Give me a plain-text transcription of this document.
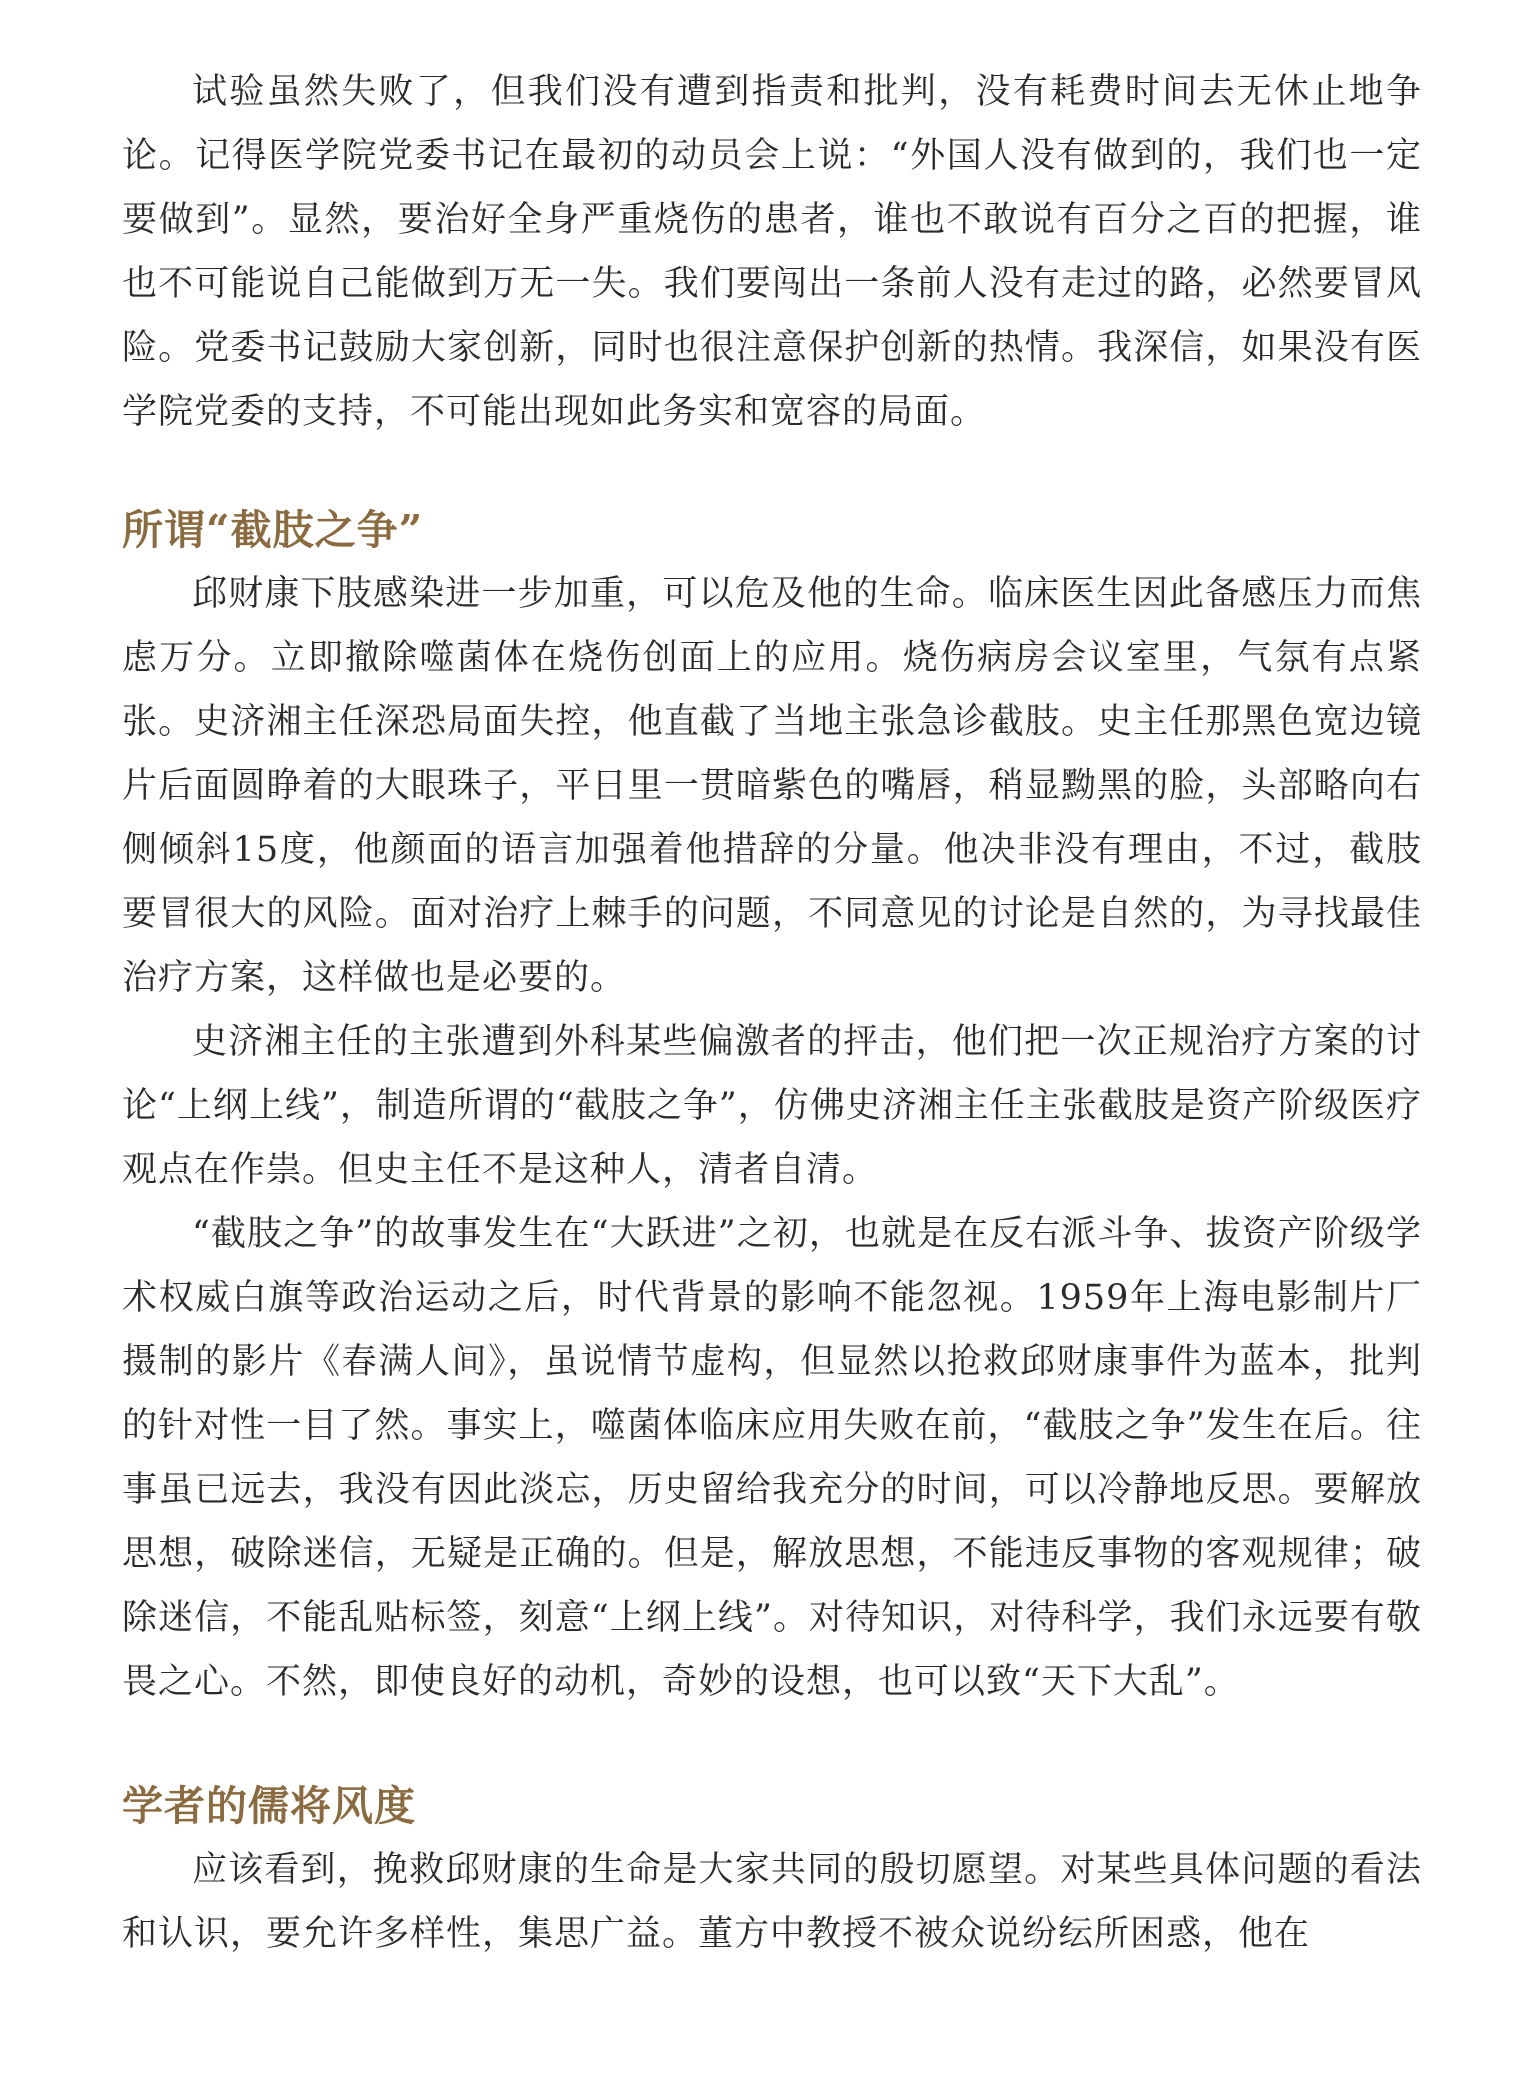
试验虽然失败了，但我们没有遭到指责和批判，没有耗费时间去无休止地争论。记得医学院党委书记在最初的动员会上说：“外国人没有做到的，我们也一定要做到”。显然，要治好全身严重烧伤的患者，谁也不敢说有百分之百的把握，谁也不可能说自己能做到万无一失。我们要闯出一条前人没有走过的路，必然要冒风险。党委书记鼓励大家创新，同时也很注意保护创新的热情。我深信，如果没有医学院党委的支持，不可能出现如此务实和宽容的局面。

所谓“截肢之争”

邱财康下肢感染进一步加重，可以危及他的生命。临床医生因此备感压力而焦虑万分。立即撤除噬菌体在烧伤创面上的应用。烧伤病房会议室里，气氛有点紧张。史济湘主任深恐局面失控，他直截了当地主张急诊截肢。史主任那黑色宽边镜片后面圆睁着的大眼珠子，平日里一贯暗紫色的嘴唇，稍显黝黑的脸，头部略向右侧倾斜15度，他颜面的语言加强着他措辞的分量。他决非没有理由，不过，截肢要冒很大的风险。面对治疗上棘手的问题，不同意见的讨论是自然的，为寻找最佳治疗方案，这样做也是必要的。

史济湘主任的主张遭到外科某些偏激者的抨击，他们把一次正规治疗方案的讨论“上纲上线”，制造所谓的“截肢之争”，仿佛史济湘主任主张截肢是资产阶级医疗观点在作祟。但史主任不是这种人，清者自清。

“截肢之争”的故事发生在“大跃进”之初，也就是在反右派斗争、拔资产阶级学术权威白旗等政治运动之后，时代背景的影响不能忽视。1959年上海电影制片厂摄制的影片《春满人间》，虽说情节虚构，但显然以抢救邱财康事件为蓝本，批判的针对性一目了然。事实上，噬菌体临床应用失败在前，“截肢之争”发生在后。往事虽已远去，我没有因此淡忘，历史留给我充分的时间，可以冷静地反思。要解放思想，破除迷信，无疑是正确的。但是，解放思想，不能违反事物的客观规律；破除迷信，不能乱贴标签，刻意“上纲上线”。对待知识，对待科学，我们永远要有敬畏之心。不然，即使良好的动机，奇妙的设想，也可以致“天下大乱”。

学者的儒将风度

应该看到，挽救邱财康的生命是大家共同的殷切愿望。对某些具体问题的看法和认识，要允许多样性，集思广益。董方中教授不被众说纷纭所困惑，他在
